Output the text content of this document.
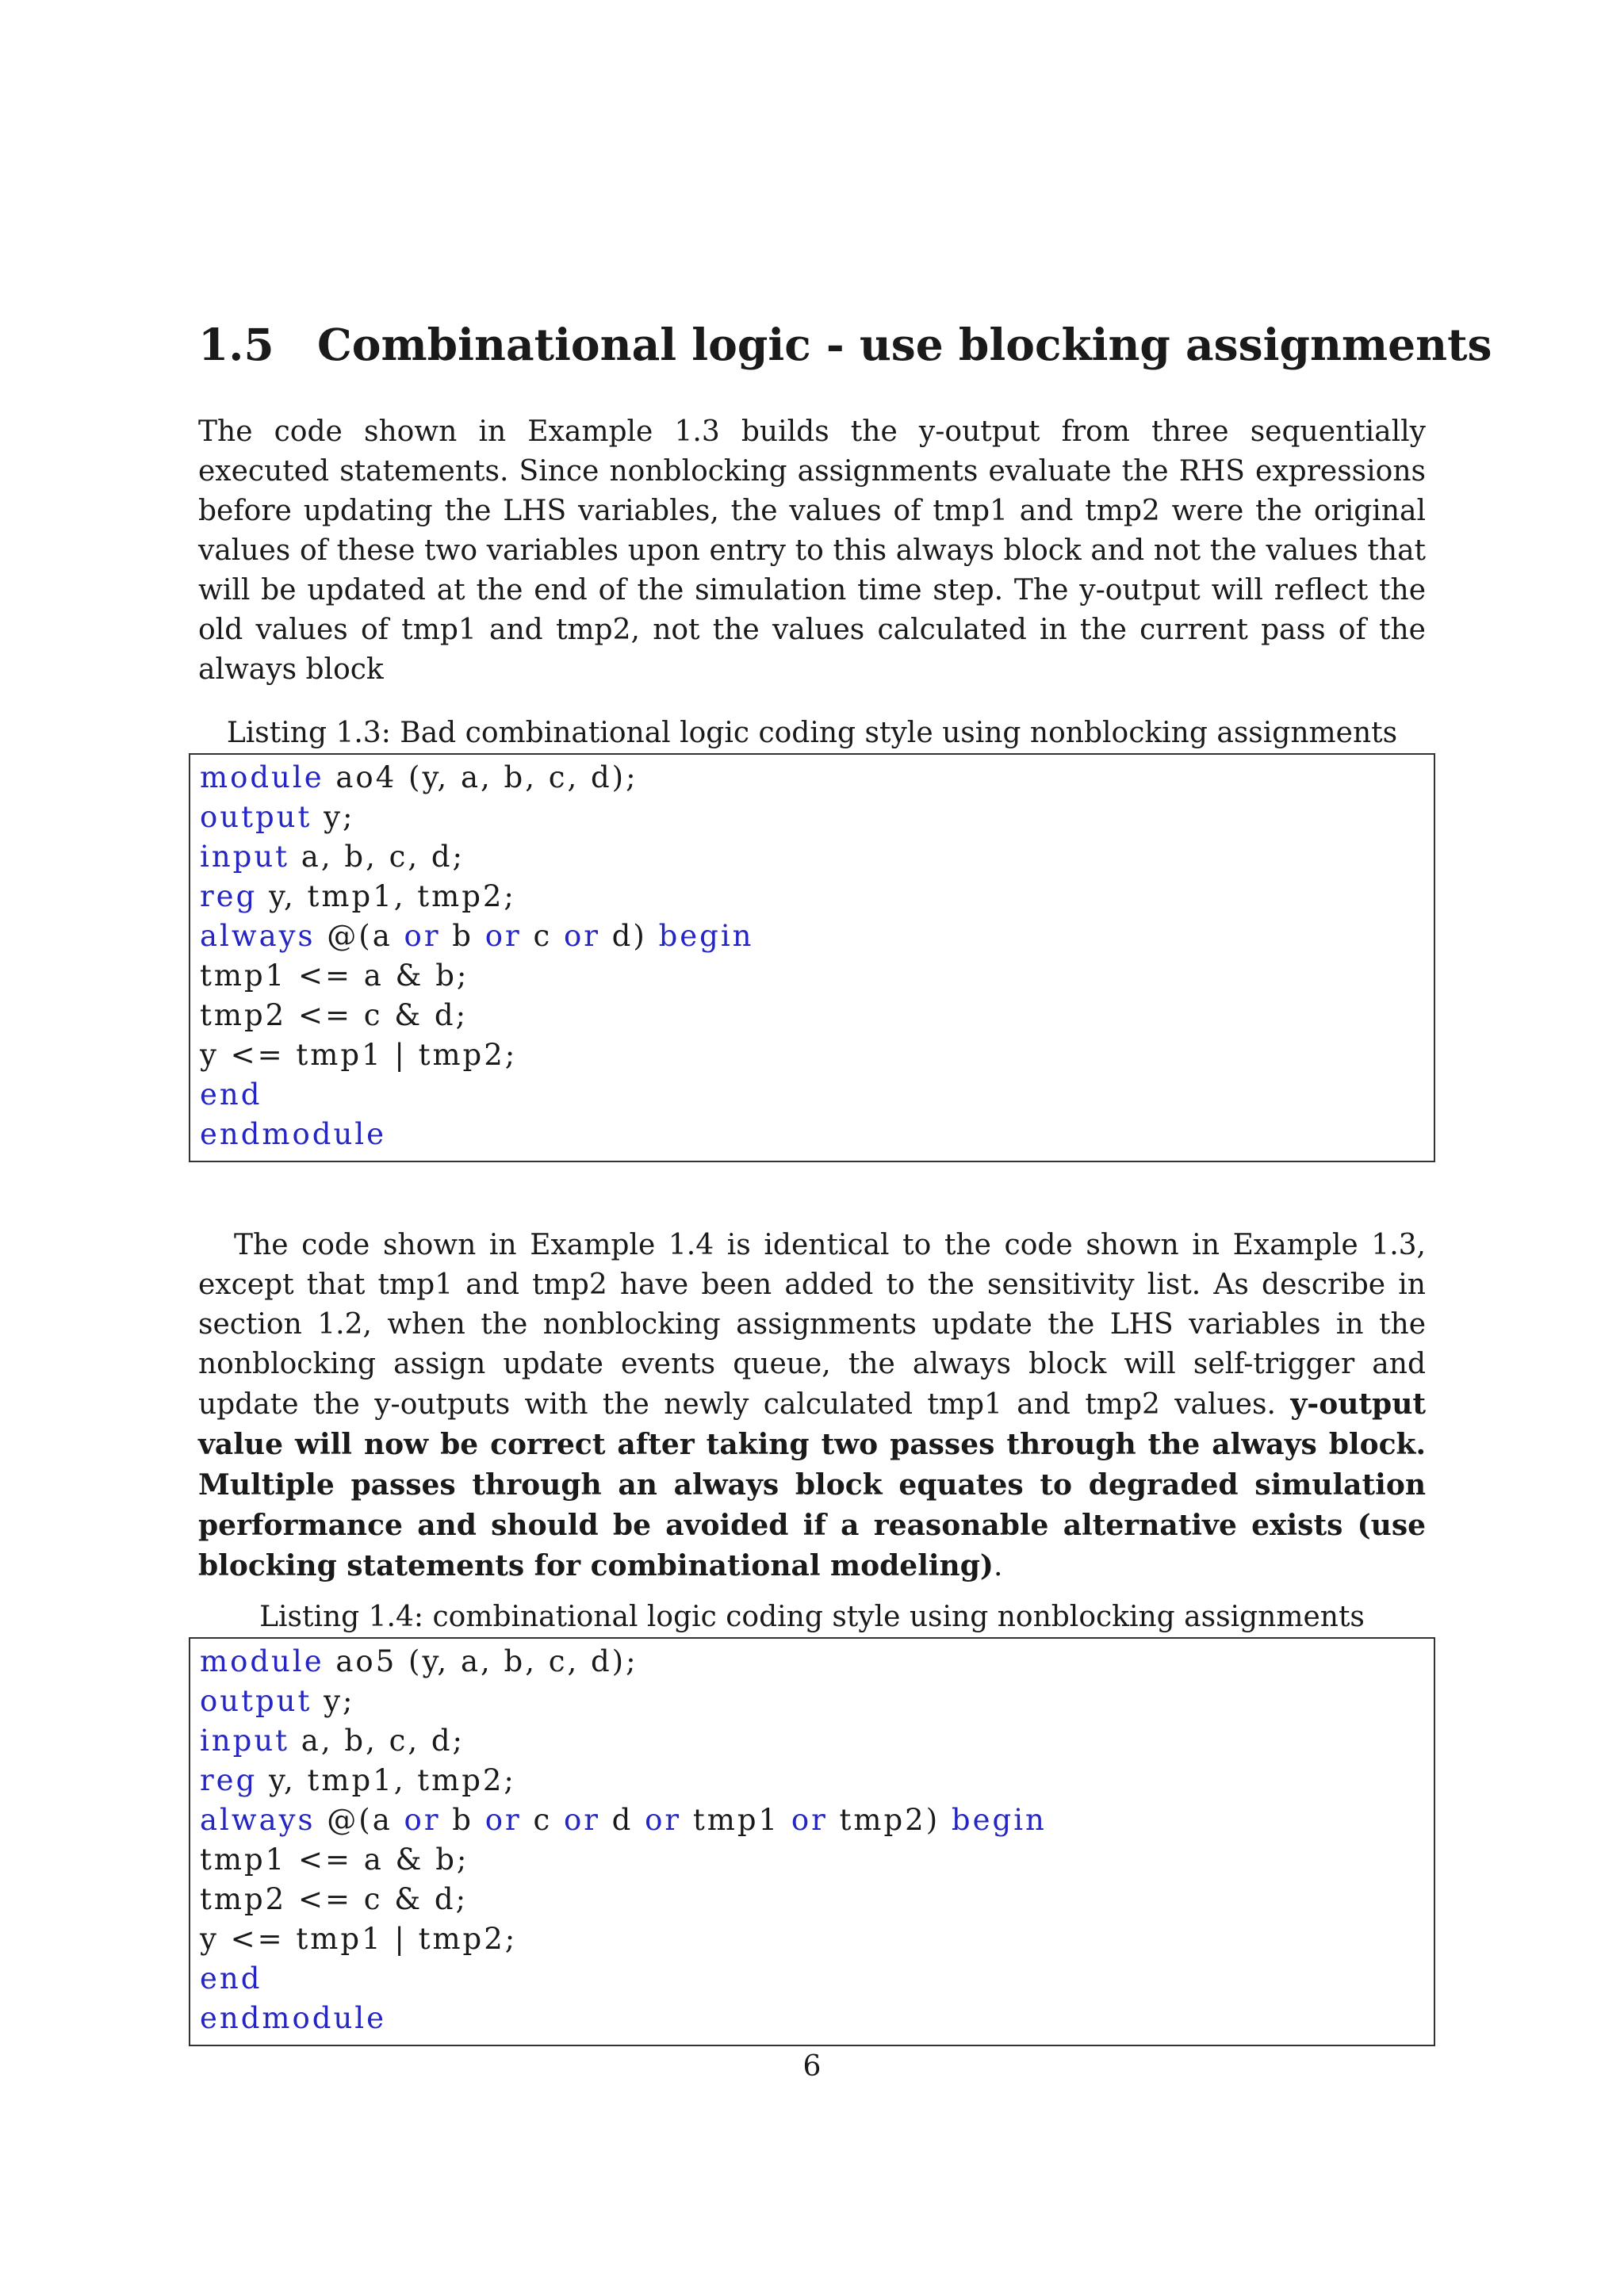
1.5 Combinational logic - use blocking assignments

The code shown in Example 1.3 builds the y-output from three sequentially executed statements. Since nonblocking assignments evaluate the RHS expressions before updating the LHS variables, the values of tmp1 and tmp2 were the original values of these two variables upon entry to this always block and not the values that will be updated at the end of the simulation time step. The y-output will reflect the old values of tmp1 and tmp2, not the values calculated in the current pass of the always block

Listing 1.3: Bad combinational logic coding style using nonblocking assignments

module ao4 (y, a, b, c, d);
output y;
input a, b, c, d;
reg y, tmp1, tmp2;
always @(a or b or c or d) begin
tmp1 <= a & b;
tmp2 <= c & d;
y <= tmp1 | tmp2;
end
endmodule

The code shown in Example 1.4 is identical to the code shown in Example 1.3, except that tmp1 and tmp2 have been added to the sensitivity list. As describe in section 1.2, when the nonblocking assignments update the LHS variables in the nonblocking assign update events queue, the always block will self-trigger and update the y-outputs with the newly calculated tmp1 and tmp2 values. y-output value will now be correct after taking two passes through the always block. Multiple passes through an always block equates to degraded simulation performance and should be avoided if a reasonable alternative exists (use blocking statements for combinational modeling).

Listing 1.4: combinational logic coding style using nonblocking assignments

module ao5 (y, a, b, c, d);
output y;
input a, b, c, d;
reg y, tmp1, tmp2;
always @(a or b or c or d or tmp1 or tmp2) begin
tmp1 <= a & b;
tmp2 <= c & d;
y <= tmp1 | tmp2;
end
endmodule
6
